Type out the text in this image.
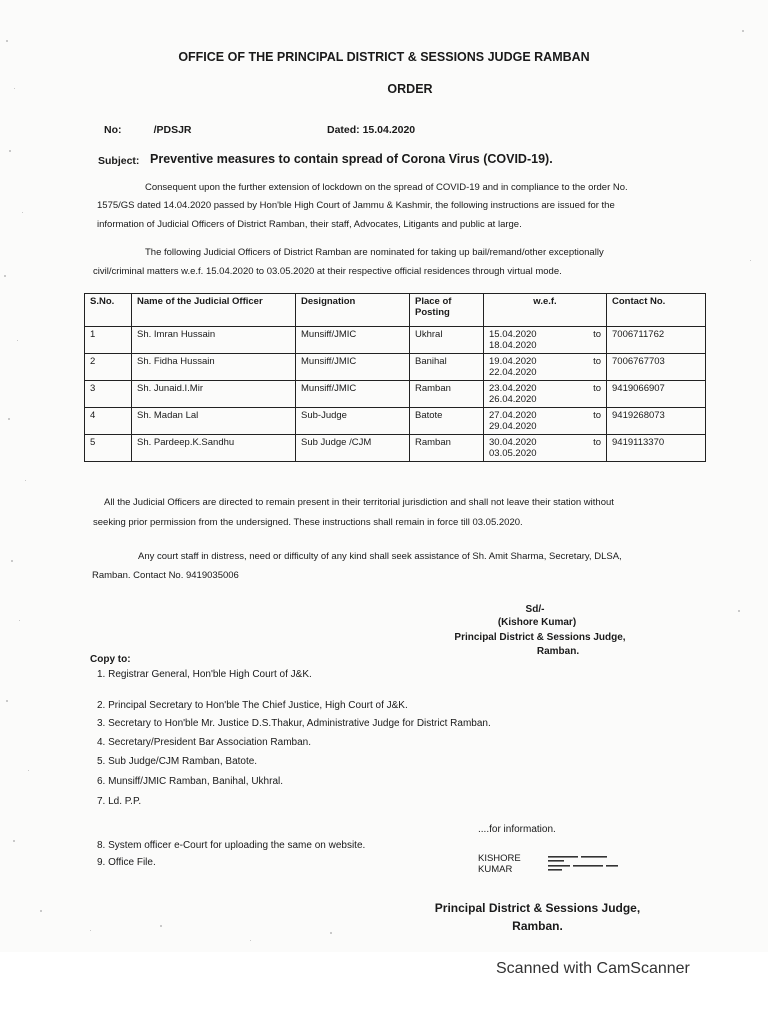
OFFICE OF THE PRINCIPAL DISTRICT & SESSIONS JUDGE RAMBAN
ORDER
No:           /PDSJR	Dated: 15.04.2020
Subject: Preventive measures to contain spread of Corona Virus (COVID-19).
Consequent upon the further extension of lockdown on the spread of COVID-19 and in compliance to the order No.
1575/GS dated 14.04.2020 passed by Hon'ble High Court of Jammu & Kashmir, the following instructions are issued for the
information of Judicial Officers of District Ramban, their staff, Advocates, Litigants and public at large.
The following Judicial Officers of District Ramban are nominated for taking up bail/remand/other exceptionally
civil/criminal matters w.e.f. 15.04.2020 to 03.05.2020 at their respective official residences through virtual mode.
S.No.	Name of the Judicial Officer	Designation	Place of Posting	w.e.f.	Contact No.
1	Sh. Imran Hussain	Munsiff/JMIC	Ukhral	15.04.2020 to
18.04.2020	7006711762
2	Sh. Fidha Hussain	Munsiff/JMIC	Banihal	19.04.2020 to
22.04.2020	7006767703
3	Sh. Junaid.I.Mir	Munsiff/JMIC	Ramban	23.04.2020 to
26.04.2020	9419066907
4	Sh. Madan Lal	Sub-Judge	Batote	27.04.2020 to
29.04.2020	9419268073
5	Sh. Pardeep.K.Sandhu	Sub Judge /CJM	Ramban	30.04.2020 to
03.05.2020	9419113370
All the Judicial Officers are directed to remain present in their territorial jurisdiction and shall not leave their station without
seeking prior permission from the undersigned. These instructions shall remain in force till 03.05.2020.
Any court staff in distress, need or difficulty of any kind shall seek assistance of Sh. Amit Sharma, Secretary, DLSA,
Ramban. Contact No. 9419035006
Sd/-
(Kishore Kumar)
Principal District & Sessions Judge,
Ramban.
Copy to:
1. Registrar General, Hon'ble High Court of J&K.
2. Principal Secretary to Hon'ble The Chief Justice, High Court of J&K.
3. Secretary to Hon'ble Mr. Justice D.S.Thakur, Administrative Judge for District Ramban.
4. Secretary/President Bar Association Ramban.
5. Sub Judge/CJM Ramban, Batote.
6. Munsiff/JMIC Ramban, Banihal, Ukhral.
7. Ld. P.P.
8. System officer e-Court for uploading the same on website.
9. Office File.
....for information.
KISHORE
KUMAR
Principal District & Sessions Judge,
Ramban.
Scanned with CamScanner
